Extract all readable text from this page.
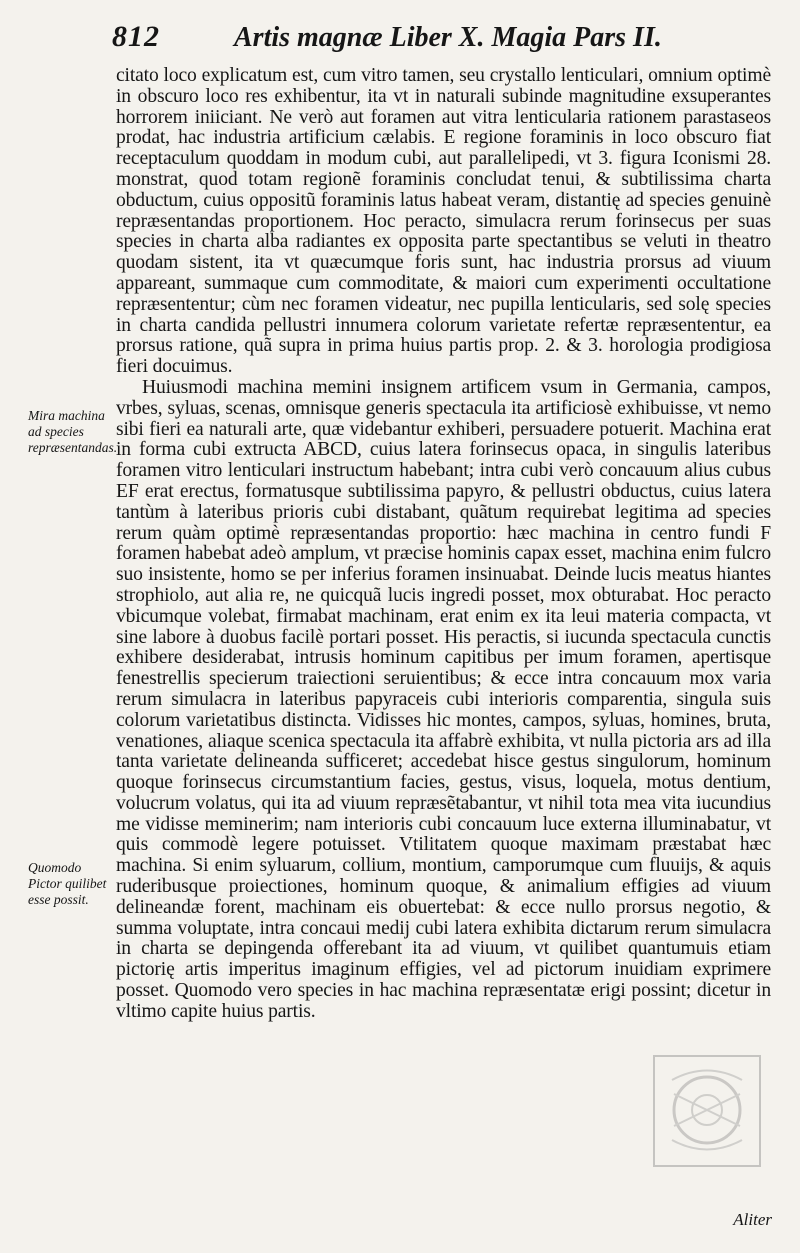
812	Artis magnæ Liber X. Magia Pars II.

citato loco explicatum est, cum vitro tamen, seu crystallo lenticulari, omnium optimè in obscuro loco res exhibentur, ita vt in naturali subinde magnitudine exsuperantes horrorem iniiciant. Ne verò aut foramen aut vitra lenticularia rationem parastaseos prodat, hac industria artificium cælabis. E regione foraminis in loco obscuro fiat receptaculum quoddam in modum cubi, aut parallelipedi, vt 3. figura Iconismi 28. monstrat, quod totam regionẽ foraminis concludat tenui, & subtilissima charta obductum, cuius oppositũ foraminis latus habeat veram, distantię ad species genuinè repræsentandas proportionem. Hoc peracto, simulacra rerum forinsecus per suas species in charta alba radiantes ex opposita parte spectantibus se veluti in theatro quodam sistent, ita vt quæcumque foris sunt, hac industria prorsus ad viuum appareant, summaque cum commoditate, & maiori cum experimenti occultatione repræsententur; cùm nec foramen videatur, nec pupilla lenticularis, sed solę species in charta candida pellustri innumera colorum varietate refertæ repræsententur, ea prorsus ratione, quã supra in prima huius partis prop. 2. & 3. horologia prodigiosa fieri docuimus.

Huiusmodi machina memini insignem artificem vsum in Germania, campos, vrbes, syluas, scenas, omnisque generis spectacula ita artificiosè exhibuisse, vt nemo sibi fieri ea naturali arte, quæ videbantur exhiberi, persuadere potuerit. Machina erat in forma cubi extructa ABCD, cuius latera forinsecus opaca, in singulis lateribus foramen vitro lenticulari instructum habebant; intra cubi verò concauum alius cubus EF erat erectus, formatusque subtilissima papyro, & pellustri obductus, cuius latera tantùm à lateribus prioris cubi distabant, quãtum requirebat legitima ad species rerum quàm optimè repræsentandas proportio: hæc machina in centro fundi F foramen habebat adeò amplum, vt præcise hominis capax esset, machina enim fulcro suo insistente, homo se per inferius foramen insinuabat. Deinde lucis meatus hiantes strophiolo, aut alia re, ne quicquã lucis ingredi posset, mox obturabat. Hoc peracto vbicumque volebat, firmabat machinam, erat enim ex ita leui materia compacta, vt sine labore à duobus facilè portari posset. His peractis, si iucunda spectacula cunctis exhibere desiderabat, intrusis hominum capitibus per imum foramen, apertisque fenestrellis specierum traiectioni seruientibus; & ecce intra concauum mox varia rerum simulacra in lateribus papyraceis cubi interioris comparentia, singula suis colorum varietatibus distincta. Vidisses hic montes, campos, syluas, homines, bruta, venationes, aliaque scenica spectacula ita affabrè exhibita, vt nulla pictoria ars ad illa tanta varietate delineanda sufficeret; accedebat hisce gestus singulorum, hominum quoque forinsecus circumstantium facies, gestus, visus, loquela, motus dentium, volucrum volatus, qui ita ad viuum repræsẽtabantur, vt nihil tota mea vita iucundius me vidisse meminerim; nam interioris cubi concauum luce externa illuminabatur, vt quis commodè legere potuisset. Vtilitatem quoque maximam præstabat hæc machina. Si enim syluarum, collium, montium, camporumque cum fluuijs, & aquis ruderibusque proiectiones, hominum quoque, & animalium effigies ad viuum delineandæ forent, machinam eis obuertebat: & ecce nullo prorsus negotio, & summa voluptate, intra concaui medij cubi latera exhibita dictarum rerum simulacra in charta se depingenda offerebant ita ad viuum, vt quilibet quantumuis etiam pictorię artis imperitus imaginum effigies, vel ad pictorum inuidiam exprimere posset. Quomodo vero species in hac machina repræsentatæ erigi possint; dicetur in vltimo capite huius partis.

Mira machina ad species repræsentandas.
Quomodo Pictor quilibet esse possit.
Aliter
